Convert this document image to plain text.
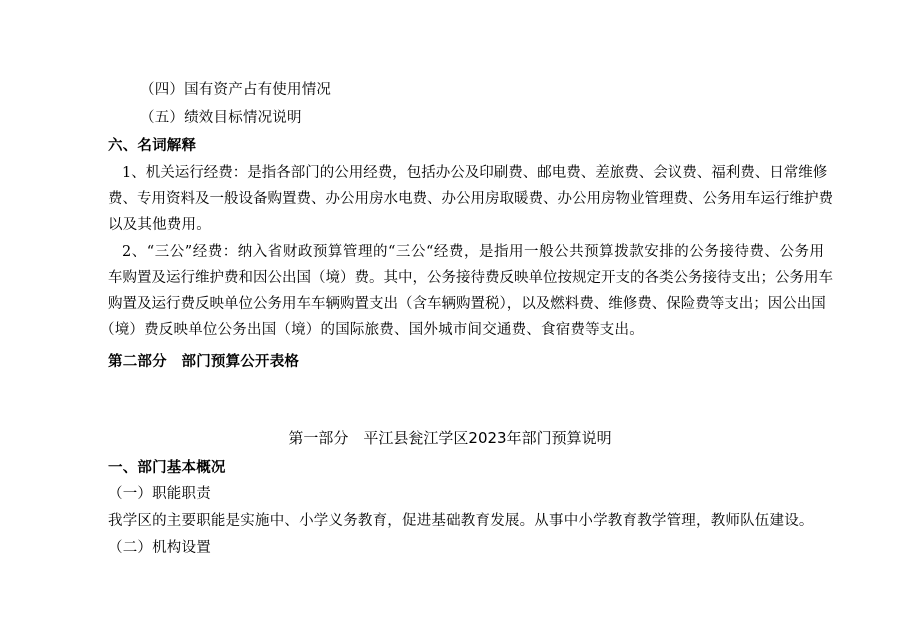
（四）国有资产占有使用情况
（五）绩效目标情况说明
六、名词解释
1、机关运行经费：是指各部门的公用经费，包括办公及印刷费、邮电费、差旅费、会议费、福利费、日常维修
费、专用资料及一般设备购置费、办公用房水电费、办公用房取暖费、办公用房物业管理费、公务用车运行维护费
以及其他费用。
2、“三公”经费：纳入省财政预算管理的“三公“经费，是指用一般公共预算拨款安排的公务接待费、公务用
车购置及运行维护费和因公出国（境）费。其中，公务接待费反映单位按规定开支的各类公务接待支出；公务用车
购置及运行费反映单位公务用车车辆购置支出（含车辆购置税），以及燃料费、维修费、保险费等支出；因公出国
（境）费反映单位公务出国（境）的国际旅费、国外城市间交通费、食宿费等支出。
第二部分　部门预算公开表格
第一部分　平江县瓮江学区2023年部门预算说明
一、部门基本概况
（一）职能职责
我学区的主要职能是实施中、小学义务教育，促进基础教育发展。从事中小学教育教学管理，教师队伍建设。
（二）机构设置
